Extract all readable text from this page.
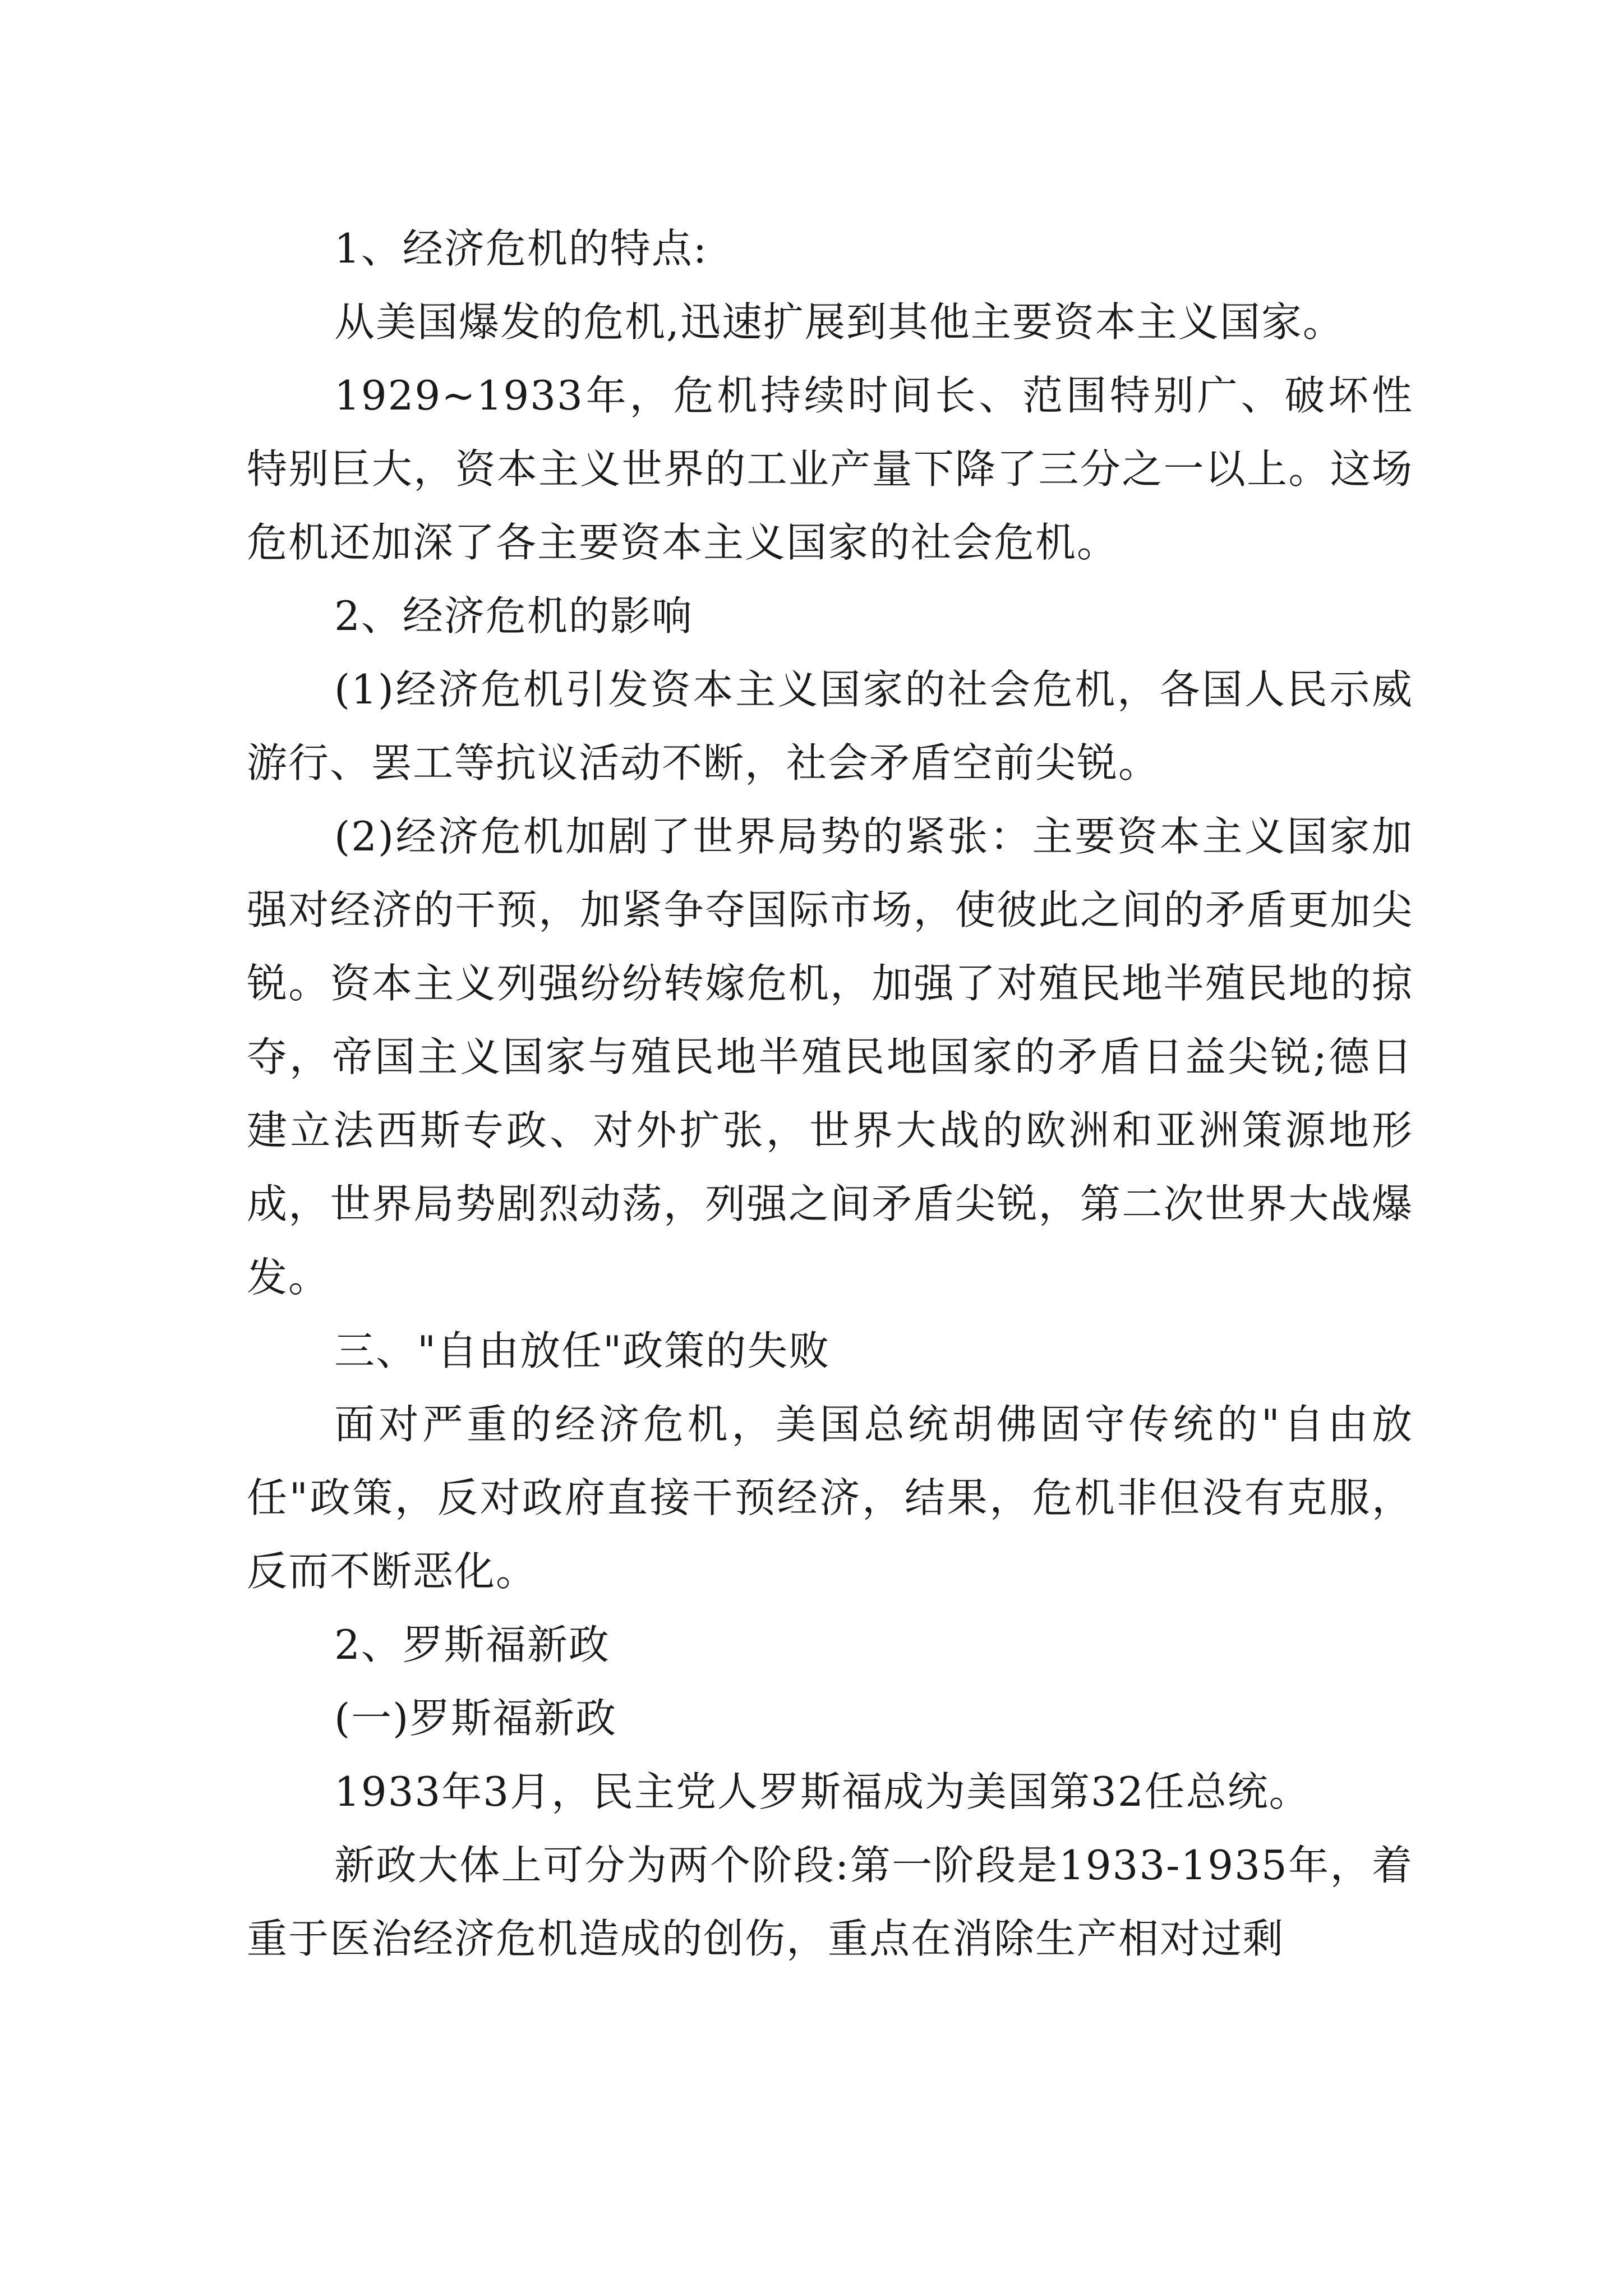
1、经济危机的特点:

从美国爆发的危机,迅速扩展到其他主要资本主义国家。

1929~1933年，危机持续时间长、范围特别广、破坏性特别巨大，资本主义世界的工业产量下降了三分之一以上。这场危机还加深了各主要资本主义国家的社会危机。

2、经济危机的影响

(1)经济危机引发资本主义国家的社会危机，各国人民示威游行、罢工等抗议活动不断，社会矛盾空前尖锐。

(2)经济危机加剧了世界局势的紧张：主要资本主义国家加强对经济的干预，加紧争夺国际市场，使彼此之间的矛盾更加尖锐。资本主义列强纷纷转嫁危机，加强了对殖民地半殖民地的掠夺，帝国主义国家与殖民地半殖民地国家的矛盾日益尖锐;德日建立法西斯专政、对外扩张，世界大战的欧洲和亚洲策源地形成，世界局势剧烈动荡，列强之间矛盾尖锐，第二次世界大战爆发。

三、"自由放任"政策的失败

面对严重的经济危机，美国总统胡佛固守传统的"自由放任"政策，反对政府直接干预经济，结果，危机非但没有克服，反而不断恶化。

2、罗斯福新政

(一)罗斯福新政

1933年3月，民主党人罗斯福成为美国第32任总统。

新政大体上可分为两个阶段:第一阶段是1933-1935年，着重于医治经济危机造成的创伤，重点在消除生产相对过剩
